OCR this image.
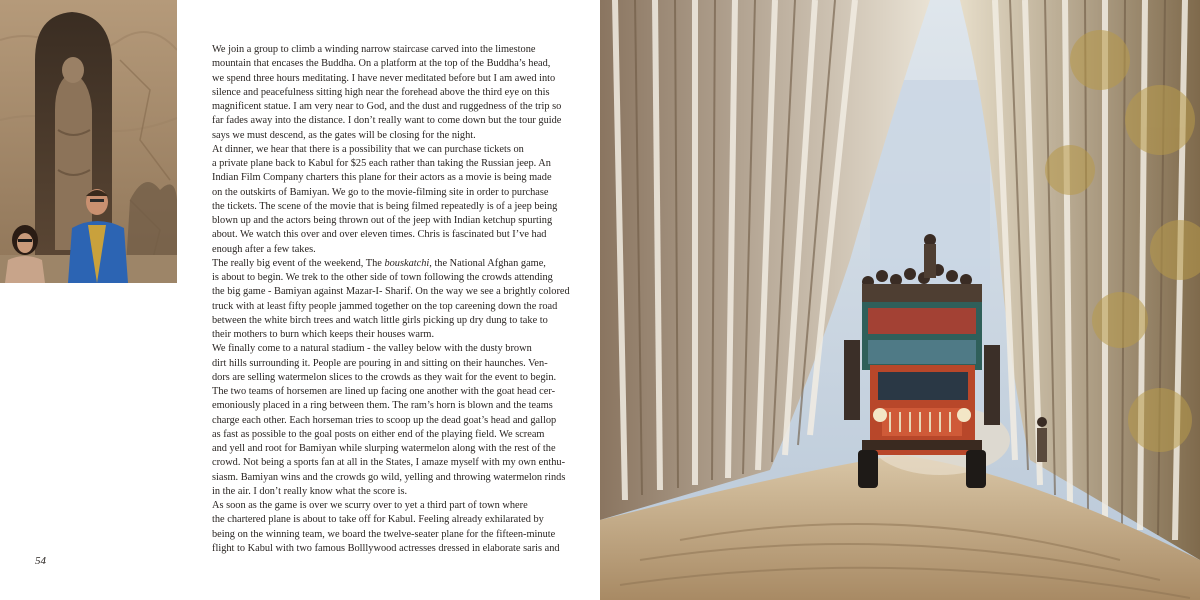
We join a group to climb a winding narrow staircase carved into the limestone
mountain that encases the Buddha. On a platform at the top of the Buddha’s head,
we spend three hours meditating. I have never meditated before but I am awed into
silence and peacefulness sitting high near the forehead above the third eye on this
magnificent statue. I am very near to God, and the dust and ruggedness of the trip so
far fades away into the distance. I don’t really want to come down but the tour guide
says we must descend, as the gates will be closing for the night.

At dinner, we hear that there is a possibility that we can purchase tickets on
a private plane back to Kabul for $25 each rather than taking the Russian jeep. An
Indian Film Company charters this plane for their actors as a movie is being made
on the outskirts of Bamiyan. We go to the movie-filming site in order to purchase
the tickets. The scene of the movie that is being filmed repeatedly is of a jeep being
blown up and the actors being thrown out of the jeep with Indian ketchup spurting
about. We watch this over and over eleven times. Chris is fascinated but I’ve had
enough after a few takes.

The really big event of the weekend, The bouskatchi, the National Afghan game,
is about to begin. We trek to the other side of town following the crowds attending
the big game - Bamiyan against Mazar-I- Sharif. On the way we see a brightly colored
truck with at least fifty people jammed together on the top careening down the road
between the white birch trees and watch little girls picking up dry dung to take to
their mothers to burn which keeps their houses warm.

We finally come to a natural stadium - the valley below with the dusty brown
dirt hills surrounding it. People are pouring in and sitting on their haunches. Ven-
dors are selling watermelon slices to the crowds as they wait for the event to begin.
The two teams of horsemen are lined up facing one another with the goat head cer-
emoniously placed in a ring between them. The ram’s horn is blown and the teams
charge each other. Each horseman tries to scoop up the dead goat’s head and gallop
as fast as possible to the goal posts on either end of the playing field. We scream
and yell and root for Bamiyan while slurping watermelon along with the rest of the
crowd. Not being a sports fan at all in the States, I amaze myself with my own enthu-
siasm. Bamiyan wins and the crowds go wild, yelling and throwing watermelon rinds
in the air. I don’t really know what the score is.

As soon as the game is over we scurry over to yet a third part of town where
the chartered plane is about to take off for Kabul. Feeling already exhilarated by
being on the winning team, we board the twelve-seater plane for the fifteen-minute
flight to Kabul with two famous Bolllywood actresses dressed in elaborate saris and

54
